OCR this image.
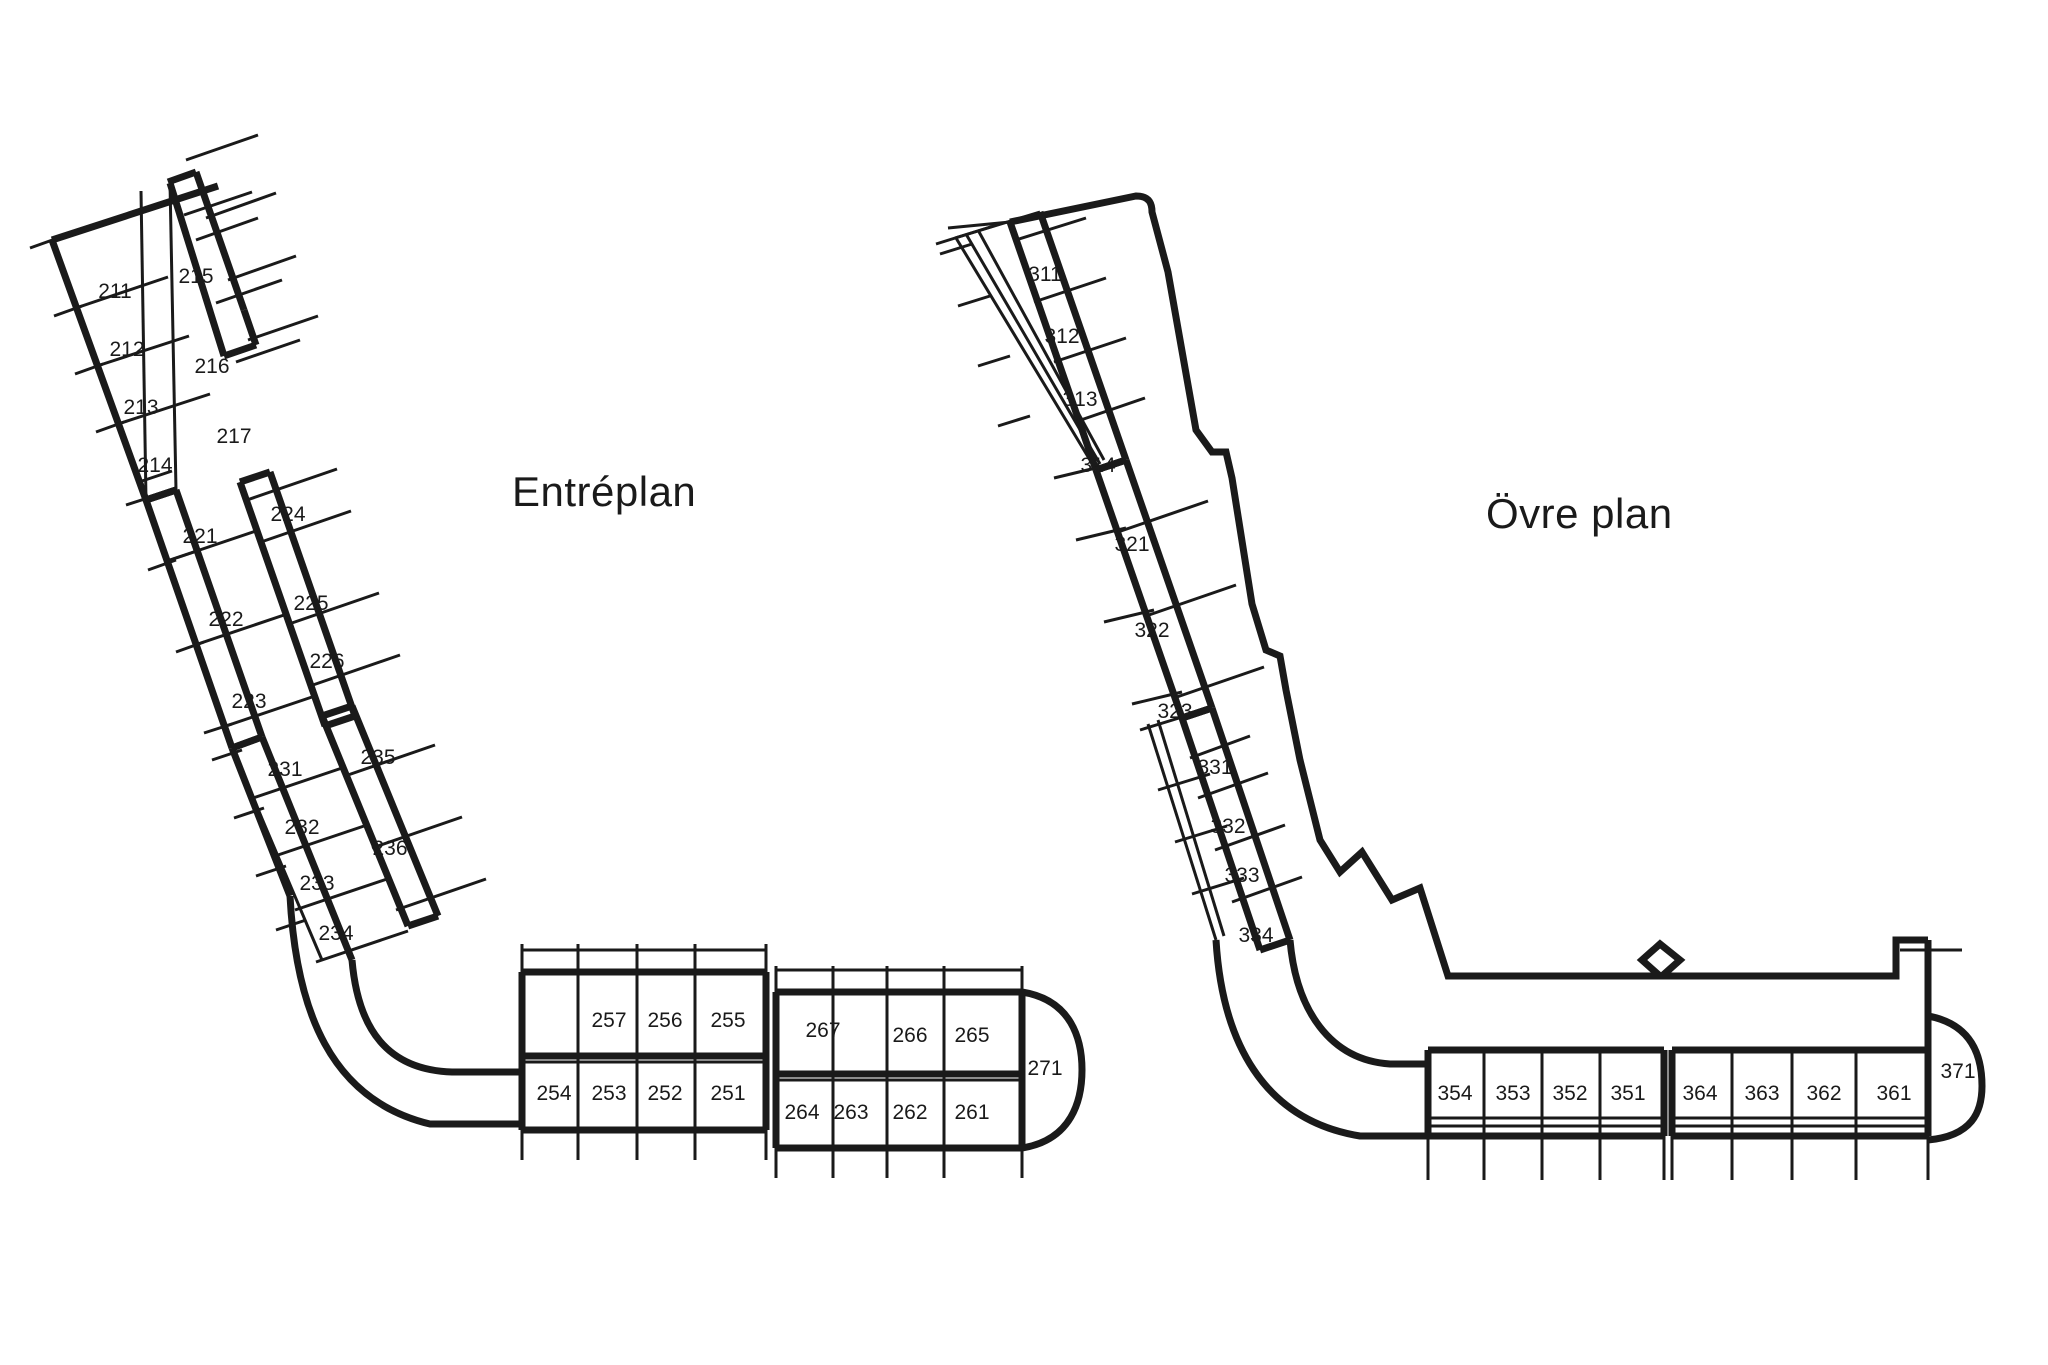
Entréplan	Övre plan
211
212
213
214
215
216
217
221
222
223
224
225
226
231
232
233
234
235
236
251
252
253
254
255
256
257
261
262
263
264
265
266
267
271
311
312
313
314
321
322
323
331
332
333
334
351
352
353
354	361
362
363
364
371
